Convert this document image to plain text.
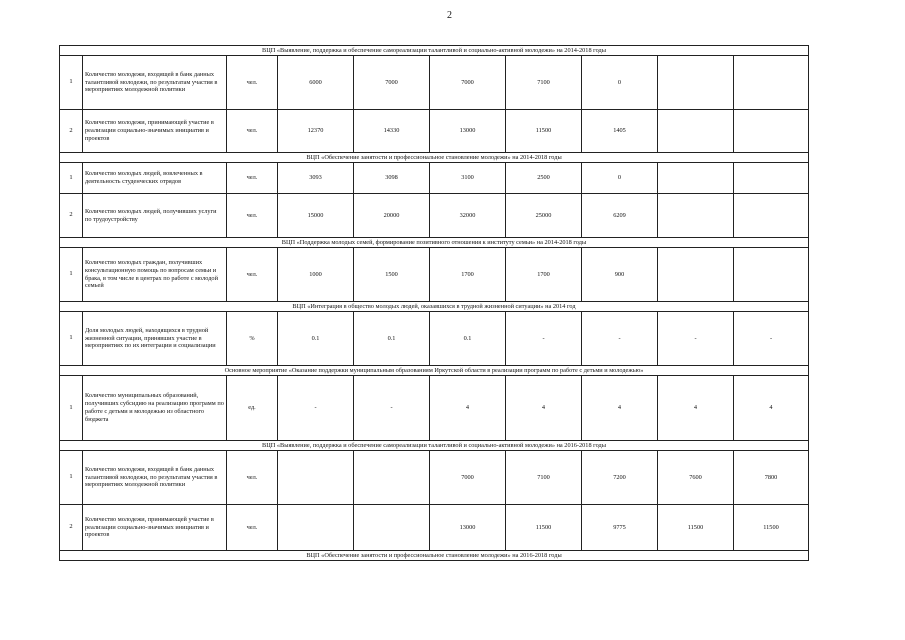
2
ВЦП «Выявление, поддержка и обеспечение самореализации талантливой и социально-активной молодежи» на 2014-2018 годы									
1	Количество молодежи, входящей в банк данных талантливой молодежи, по результатам участия в мероприятиях молодежной политики	чел.	6000	7000	7000	7100	0		
2	Количество молодежи, принимающей участие в реализации социально-значимых инициатив и проектов	чел.	12370	14330	13000	11500	1405		
ВЦП «Обеспечение занятости и профессиональное становление молодежи» на 2014-2018 годы									
1	Количество молодых людей, вовлеченных в деятельность студенческих отрядов	чел.	3093	3098	3100	2500	0		
2	Количество молодых людей, получивших услуги по трудоустройству	чел.	15000	20000	32000	25000	6209		
ВЦП «Поддержка молодых семей, формирование позитивного отношения к институту семьи» на 2014-2018 годы									
1	Количество молодых граждан, получивших консультационную помощь по вопросам семьи и брака, в том числе в центрах по работе с молодой семьей	чел.	1000	1500	1700	1700	900		
ВЦП «Интеграция в общество молодых людей, оказавшихся в трудной жизненной ситуации» на 2014 год									
1	Доля молодых людей, находящихся в трудной жизненной ситуации, принявших участие в мероприятиях по их интеграции и социализации	%	0.1	0.1	0.1	-	-	-	-
Основное мероприятие «Оказание поддержки муниципальным образованиям Иркутской области в реализации программ по работе с детьми и молодежью»									
1	Количество муниципальных образований, получивших субсидию на реализацию программ по работе с детьми и молодежью из областного бюджета	ед.	-	-	4	4	4	4	4
ВЦП «Выявление, поддержка и обеспечение самореализации талантливой и социально-активной молодежи» на 2016-2018 годы									
1	Количество молодежи, входящей в банк данных талантливой молодежи, по результатам участия в мероприятиях молодежной политики	чел.			7000	7100	7200	7600	7800
2	Количество молодежи, принимающей участие в реализации социально-значимых инициатив и проектов	чел.			13000	11500	9775	11500	11500
ВЦП «Обеспечение занятости и профессиональное становление молодежи» на 2016-2018 годы									
